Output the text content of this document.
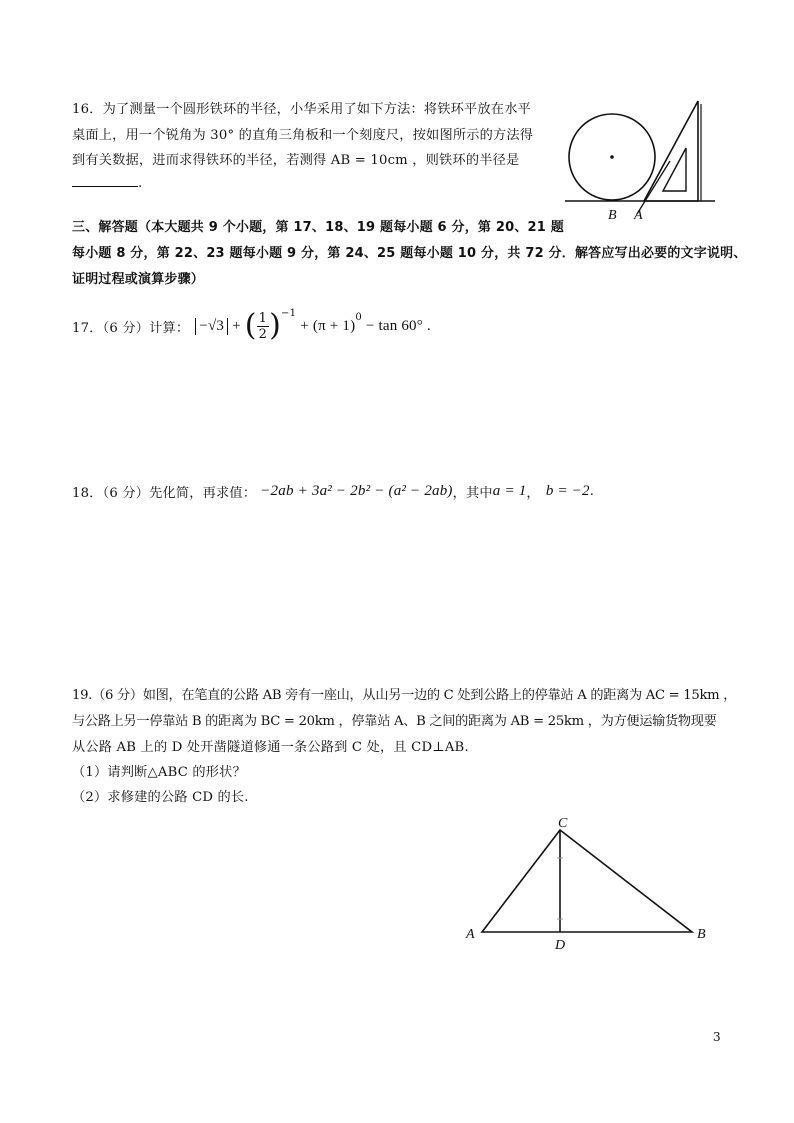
16．为了测量一个圆形铁环的半径，小华采用了如下方法：将铁环平放在水平
桌面上，用一个锐角为 30° 的直角三角板和一个刻度尺，按如图所示的方法得
到有关数据，进而求得铁环的半径，若测得 AB = 10cm ，则铁环的半径是
.
B A
三、解答题（本大题共 9 个小题，第 17、18、19 题每小题 6 分，第 20、21 题
每小题 8 分，第 22、23 题每小题 9 分，第 24、25 题每小题 10 分，共 72 分．解答应写出必要的文字说明、
证明过程或演算步骤）
17．（6 分）计算： −√3 + ( 1
2 ) −1
+ (π + 1) 0 − tan 60° .
18．（6 分）先化简，再求值： −2ab + 3a² − 2b² − (a² − 2ab) ，其中 a = 1 ， b = −2 .
19.（6 分）如图，在笔直的公路 AB 旁有一座山，从山另一边的 C 处到公路上的停靠站 A 的距离为 AC = 15km ，
与公路上另一停靠站 B 的距离为 BC = 20km ，停靠站 A、B 之间的距离为 AB = 25km ，为方便运输货物现要
从公路 AB 上的 D 处开凿隧道修通一条公路到 C 处，且 CD⊥AB.
（1）请判断△ABC 的形状？
（2）求修建的公路 CD 的长.
C
A
D
B
3
